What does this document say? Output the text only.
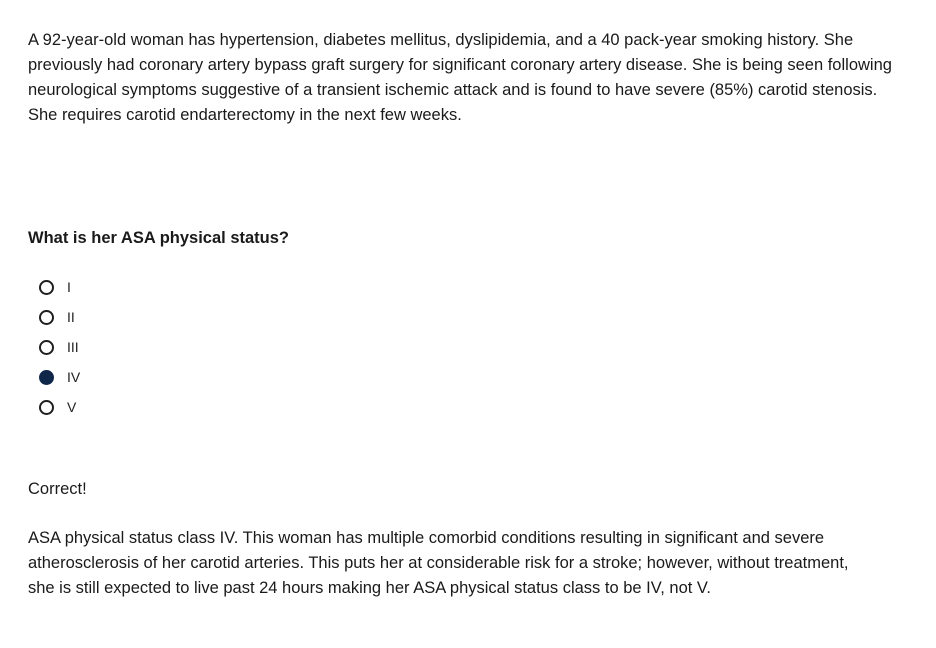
A 92-year-old woman has hypertension, diabetes mellitus, dyslipidemia, and a 40 pack-year smoking history. She previously had coronary artery bypass graft surgery for significant coronary artery disease. She is being seen following neurological symptoms suggestive of a transient ischemic attack and is found to have severe (85%) carotid stenosis. She requires carotid endarterectomy in the next few weeks.

What is her ASA physical status?

I
II
III
IV
V

Correct!

ASA physical status class IV. This woman has multiple comorbid conditions resulting in significant and severe atherosclerosis of her carotid arteries. This puts her at considerable risk for a stroke; however, without treatment, she is still expected to live past 24 hours making her ASA physical status class to be IV, not V.
